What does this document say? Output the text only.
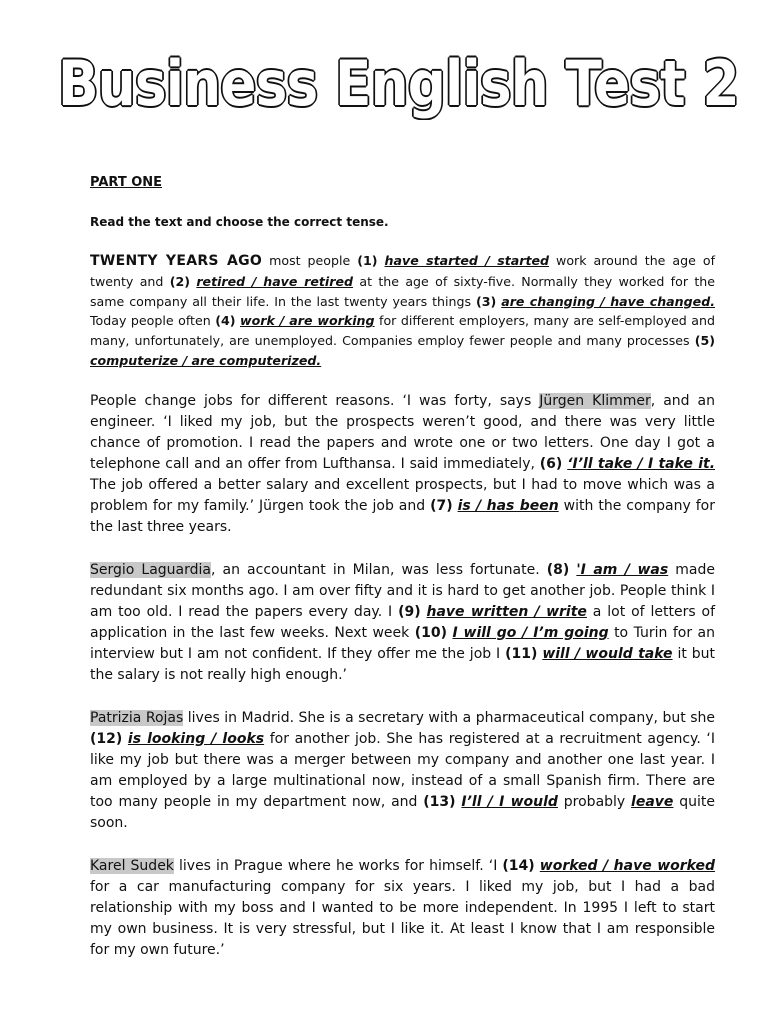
Business English Test 2

PART ONE

Read the text and choose the correct tense.

TWENTY YEARS AGO most people (1) have started / started work around the age of twenty and (2) retired / have retired at the age of sixty-five. Normally they worked for the same company all their life. In the last twenty years things (3) are changing / have changed. Today people often (4) work / are working for different employers, many are self-employed and many, unfortunately, are unemployed. Companies employ fewer people and many processes (5) computerize / are computerized.

People change jobs for different reasons. ‘I was forty, says Jürgen Klimmer, and an engineer. ‘I liked my job, but the prospects weren’t good, and there was very little chance of promotion. I read the papers and wrote one or two letters. One day I got a telephone call and an offer from Lufthansa. I said immediately, (6) ‘I’ll take / I take it. The job offered a better salary and excellent prospects, but I had to move which was a problem for my family.’ Jürgen took the job and (7) is / has been with the company for the last three years.

Sergio Laguardia, an accountant in Milan, was less fortunate. (8) 'I am / was made redundant six months ago. I am over fifty and it is hard to get another job. People think I am too old. I read the papers every day. I (9) have written / write a lot of letters of application in the last few weeks. Next week (10) I will go / I’m going to Turin for an interview but I am not confident. If they offer me the job I (11) will / would take it but the salary is not really high enough.’

Patrizia Rojas lives in Madrid. She is a secretary with a pharmaceutical company, but she (12) is looking / looks for another job. She has registered at a recruitment agency. ‘I like my job but there was a merger between my company and another one last year. I am employed by a large multinational now, instead of a small Spanish firm. There are too many people in my department now, and (13) I’ll / I would probably leave quite soon.

Karel Sudek lives in Prague where he works for himself. ‘I (14) worked / have worked for a car manufacturing company for six years. I liked my job, but I had a bad relationship with my boss and I wanted to be more independent. In 1995 I left to start my own business. It is very stressful, but I like it. At least I know that I am responsible for my own future.’
